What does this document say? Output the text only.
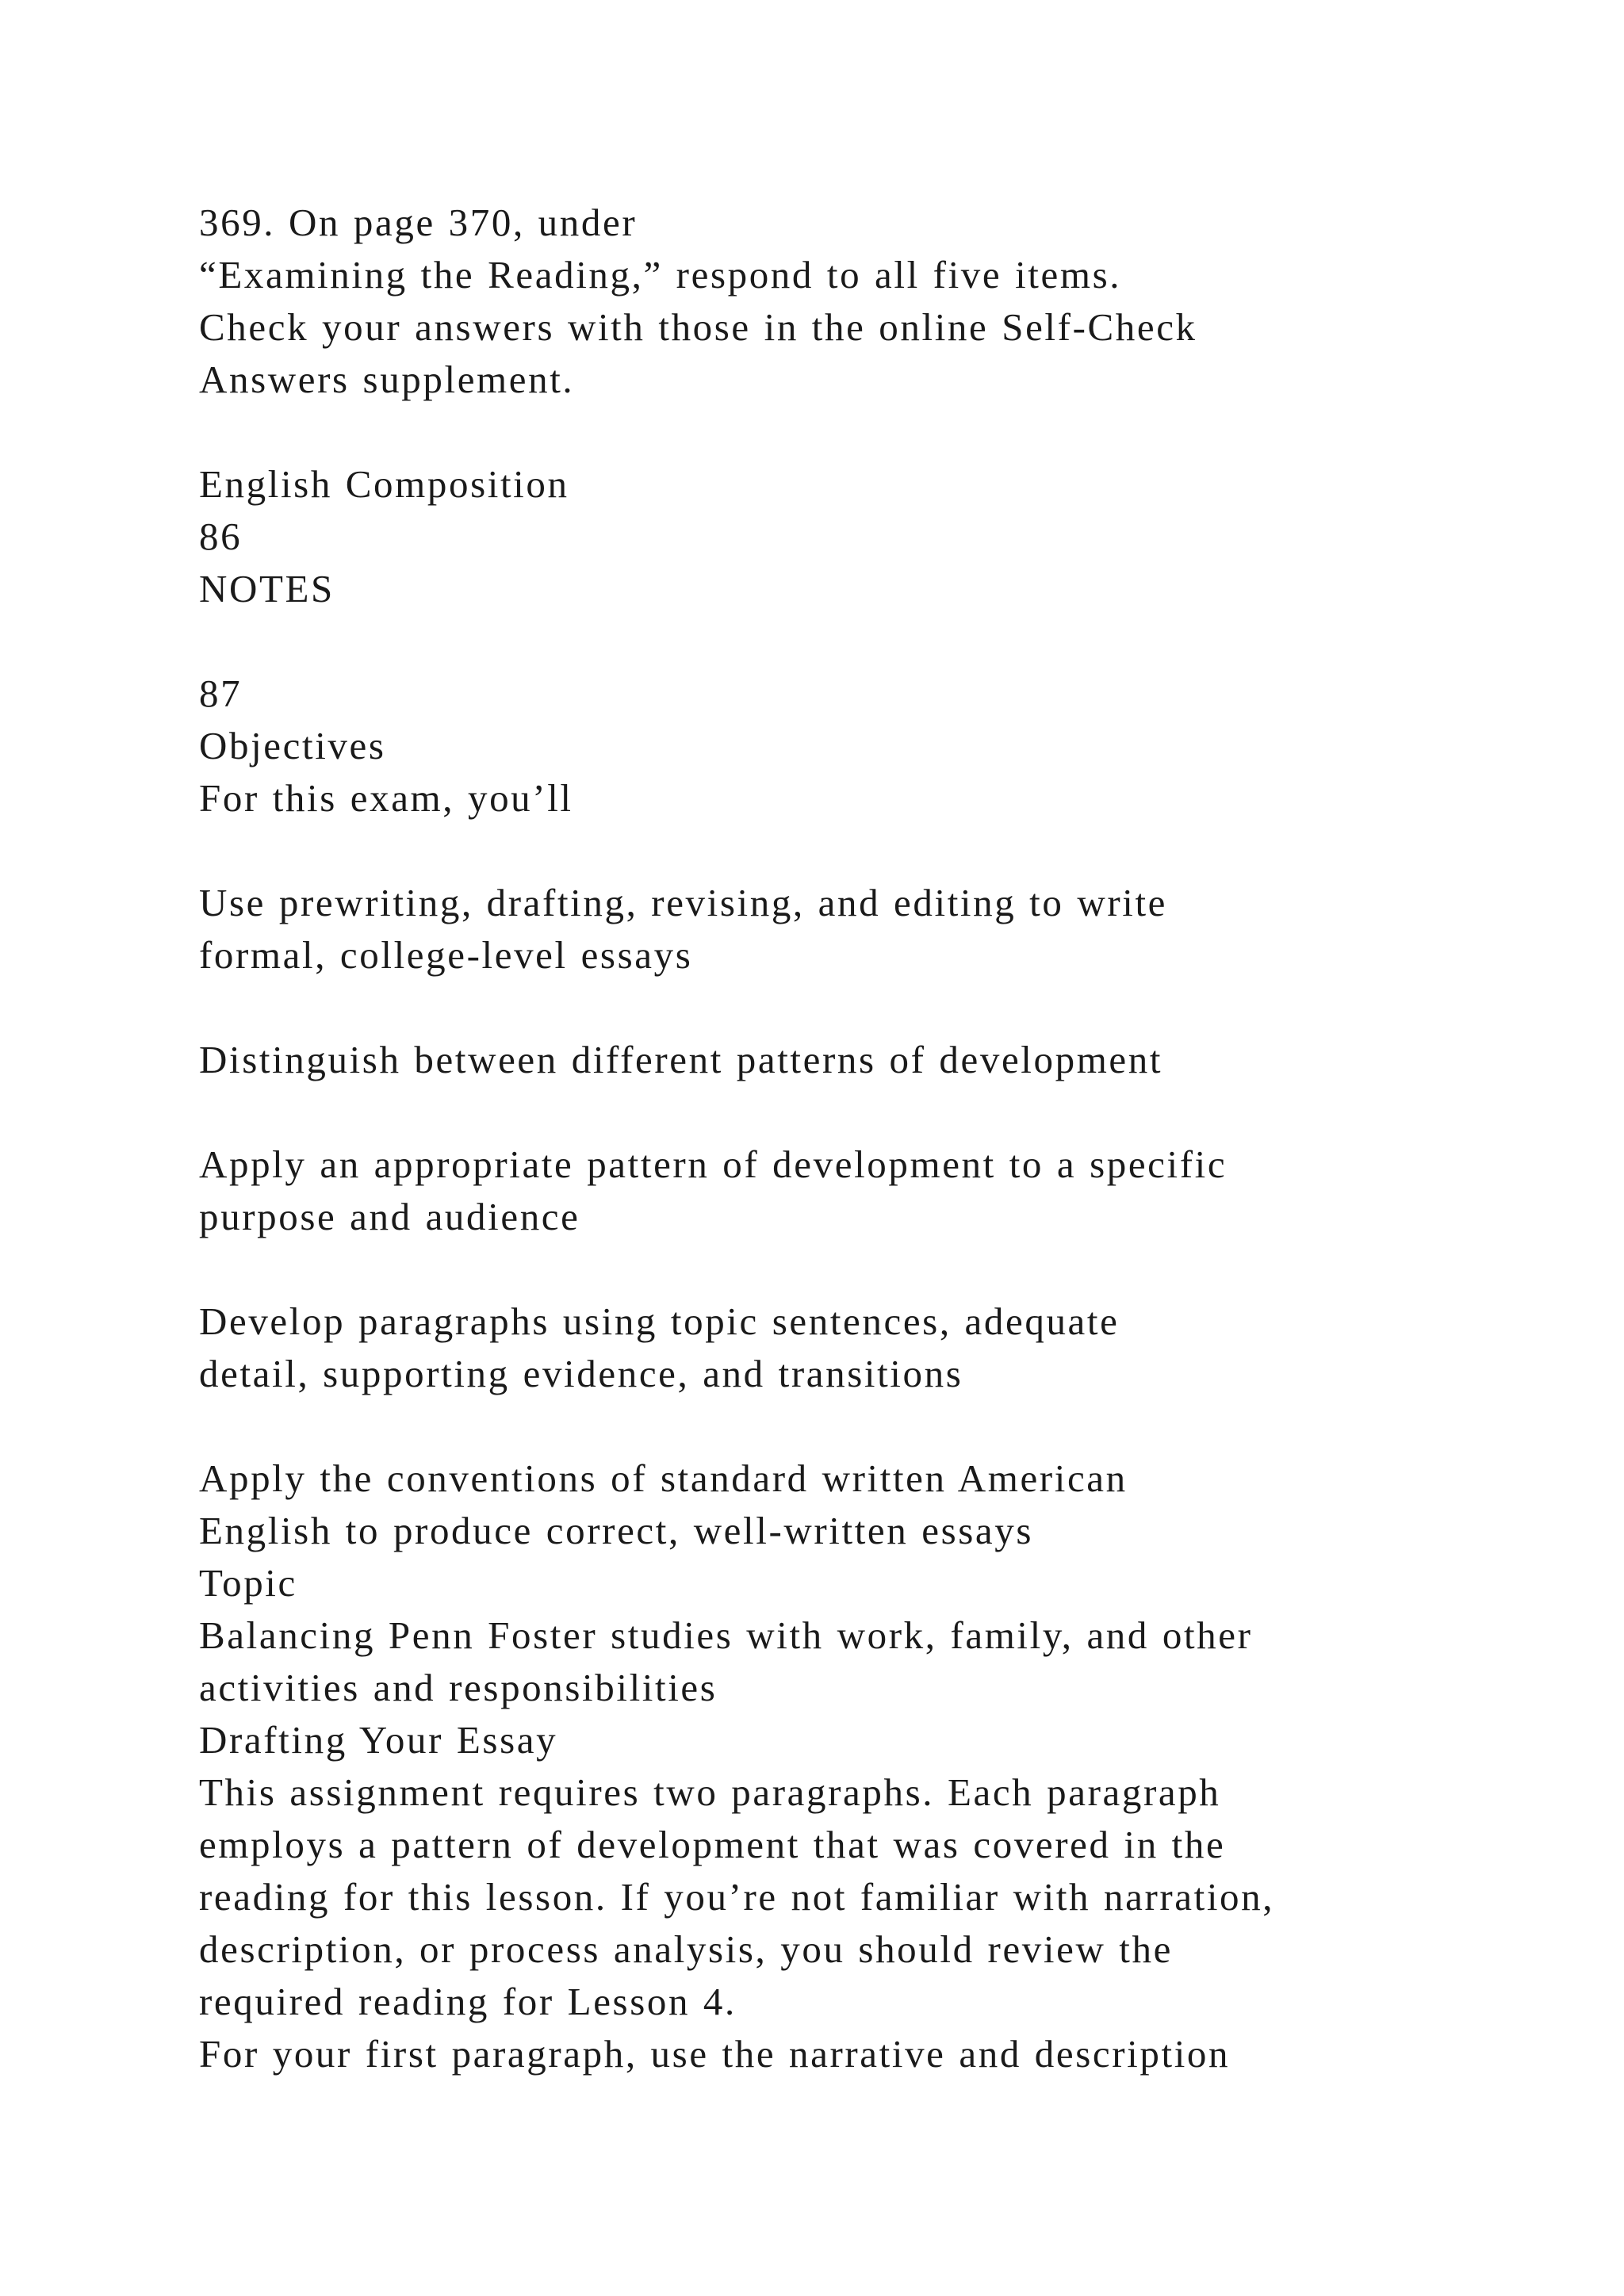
369. On page 370, under
“Examining the Reading,” respond to all five items.
Check your answers with those in the online Self-Check
Answers supplement.
English Composition
86
NOTES
87
Objectives
For this exam, you’ll
Use prewriting, drafting, revising, and editing to write
formal, college-level essays
Distinguish between different patterns of development
Apply an appropriate pattern of development to a specific
purpose and audience
Develop paragraphs using topic sentences, adequate
detail, supporting evidence, and transitions
Apply the conventions of standard written American
English to produce correct, well-written essays
Topic
Balancing Penn Foster studies with work, family, and other
activities and responsibilities
Drafting Your Essay
This assignment requires two paragraphs. Each paragraph
employs a pattern of development that was covered in the
reading for this lesson. If you’re not familiar with narration,
description, or process analysis, you should review the
required reading for Lesson 4.
For your first paragraph, use the narrative and description
